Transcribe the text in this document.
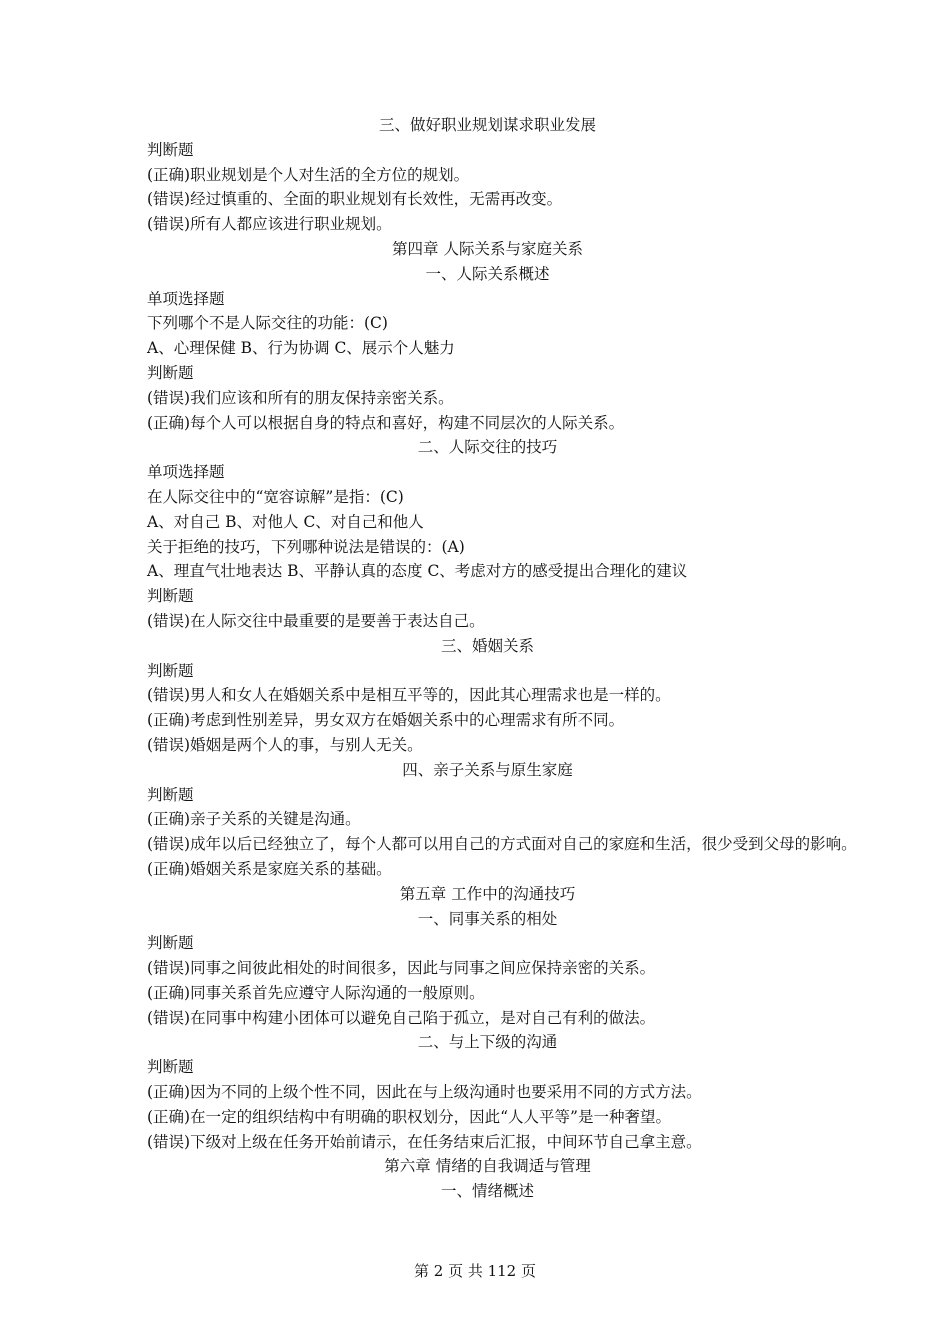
三、做好职业规划谋求职业发展
判断题
(正确)职业规划是个人对生活的全方位的规划。
(错误)经过慎重的、全面的职业规划有长效性，无需再改变。
(错误)所有人都应该进行职业规划。
第四章 人际关系与家庭关系
一、人际关系概述
单项选择题
下列哪个不是人际交往的功能：(C)
A、心理保健 B、行为协调 C、展示个人魅力
判断题
(错误)我们应该和所有的朋友保持亲密关系。
(正确)每个人可以根据自身的特点和喜好，构建不同层次的人际关系。
二、人际交往的技巧
单项选择题
在人际交往中的“宽容谅解”是指：(C)
A、对自己 B、对他人 C、对自己和他人
关于拒绝的技巧，下列哪种说法是错误的：(A)
A、理直气壮地表达 B、平静认真的态度 C、考虑对方的感受提出合理化的建议
判断题
(错误)在人际交往中最重要的是要善于表达自己。
三、婚姻关系
判断题
(错误)男人和女人在婚姻关系中是相互平等的，因此其心理需求也是一样的。
(正确)考虑到性别差异，男女双方在婚姻关系中的心理需求有所不同。
(错误)婚姻是两个人的事，与别人无关。
四、亲子关系与原生家庭
判断题
(正确)亲子关系的关键是沟通。
(错误)成年以后已经独立了，每个人都可以用自己的方式面对自己的家庭和生活，很少受到父母的影响。
(正确)婚姻关系是家庭关系的基础。
第五章 工作中的沟通技巧
一、同事关系的相处
判断题
(错误)同事之间彼此相处的时间很多，因此与同事之间应保持亲密的关系。
(正确)同事关系首先应遵守人际沟通的一般原则。
(错误)在同事中构建小团体可以避免自己陷于孤立，是对自己有利的做法。
二、与上下级的沟通
判断题
(正确)因为不同的上级个性不同，因此在与上级沟通时也要采用不同的方式方法。
(正确)在一定的组织结构中有明确的职权划分，因此“人人平等”是一种奢望。
(错误)下级对上级在任务开始前请示，在任务结束后汇报，中间环节自己拿主意。
第六章 情绪的自我调适与管理
一、情绪概述
第 2 页 共 112 页
